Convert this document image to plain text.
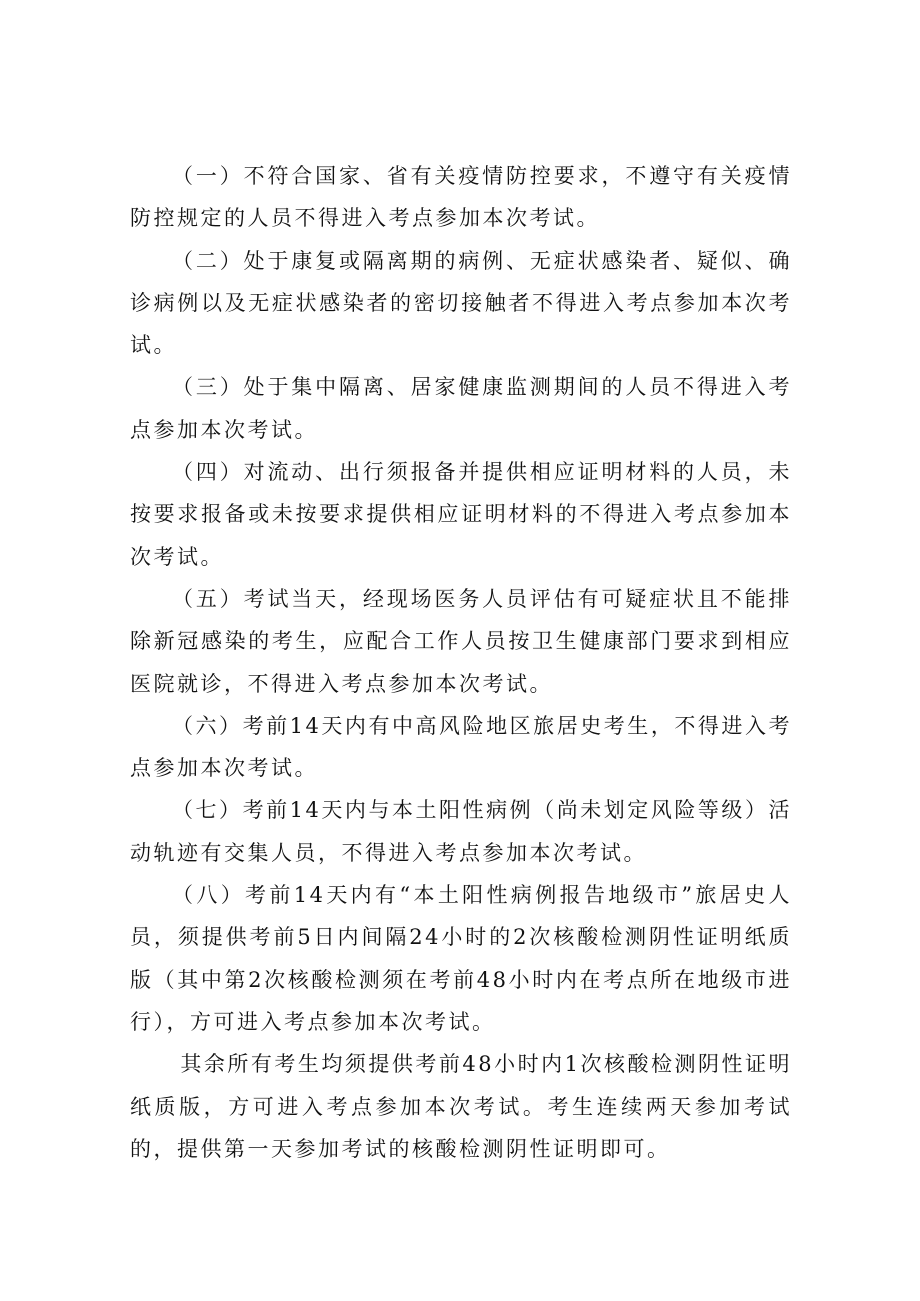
（一）不符合国家、省有关疫情防控要求，不遵守有关疫情防控规定的人员不得进入考点参加本次考试。

（二）处于康复或隔离期的病例、无症状感染者、疑似、确诊病例以及无症状感染者的密切接触者不得进入考点参加本次考试。

（三）处于集中隔离、居家健康监测期间的人员不得进入考点参加本次考试。

（四）对流动、出行须报备并提供相应证明材料的人员，未按要求报备或未按要求提供相应证明材料的不得进入考点参加本次考试。

（五）考试当天，经现场医务人员评估有可疑症状且不能排除新冠感染的考生，应配合工作人员按卫生健康部门要求到相应医院就诊，不得进入考点参加本次考试。

（六）考前14天内有中高风险地区旅居史考生，不得进入考点参加本次考试。

（七）考前14天内与本土阳性病例（尚未划定风险等级）活动轨迹有交集人员，不得进入考点参加本次考试。

（八）考前14天内有“本土阳性病例报告地级市”旅居史人员，须提供考前5日内间隔24小时的2次核酸检测阴性证明纸质版（其中第2次核酸检测须在考前48小时内在考点所在地级市进行），方可进入考点参加本次考试。

其余所有考生均须提供考前48小时内1次核酸检测阴性证明纸质版，方可进入考点参加本次考试。考生连续两天参加考试的，提供第一天参加考试的核酸检测阴性证明即可。
